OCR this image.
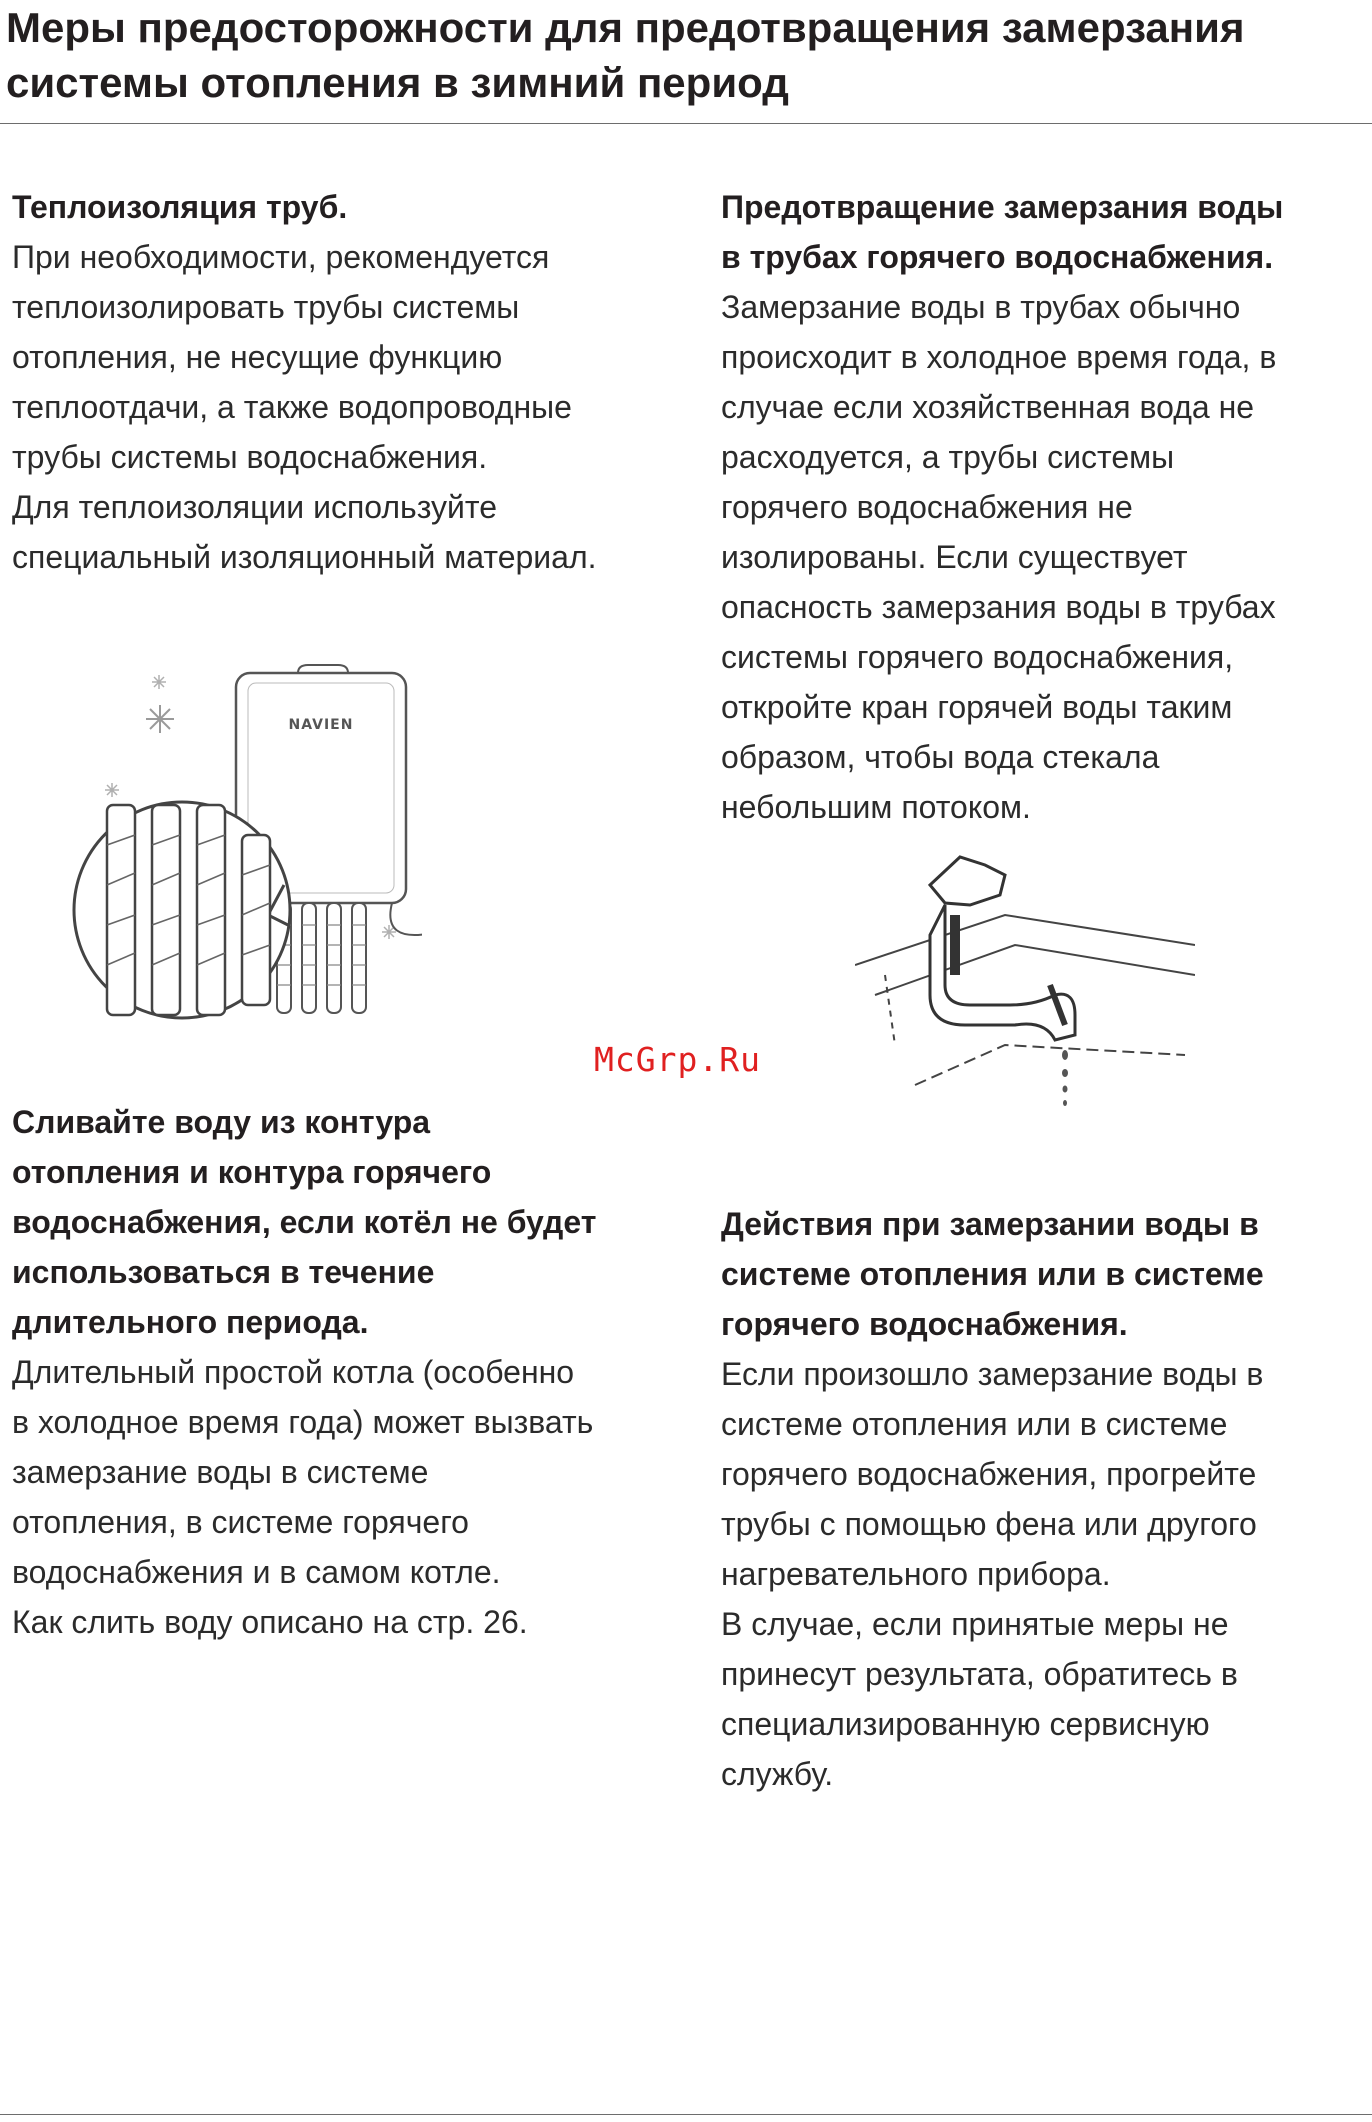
Меры предосторожности для предотвращения замерзания системы отопления в зимний период

Теплоизоляция труб.

При необходимости, рекомендуется теплоизолировать трубы системы отопления, не несущие функцию теплоотдачи, а также водопроводные трубы системы водоснабжения.

Для теплоизоляции используйте специальный изоляционный материал.

Предотвращение замерзания воды в трубах горячего водоснабжения.

Замерзание воды в трубах обычно происходит в холодное время года, в случае если хозяйственная вода не расходуется, а трубы системы горячего водоснабжения не изолированы. Если существует опасность замерзания воды в трубах системы горячего водоснабжения, откройте кран горячей воды таким образом, чтобы вода стекала небольшим потоком.

NAVIEN
McGrp.Ru

Сливайте воду из контура отопления и контура горячего водоснабжения, если котёл не будет использоваться в течение длительного периода.

Длительный простой котла (особенно в холодное время года) может вызвать замерзание воды в системе отопления, в системе горячего водоснабжения и в самом котле.

Как слить воду описано на стр. 26.

Действия при замерзании воды в системе отопления или в системе горячего водоснабжения.

Если произошло замерзание воды в системе отопления или в системе горячего водоснабжения, прогрейте трубы с помощью фена или другого нагревательного прибора.

В случае, если принятые меры не принесут результата, обратитесь в специализированную сервисную службу.
